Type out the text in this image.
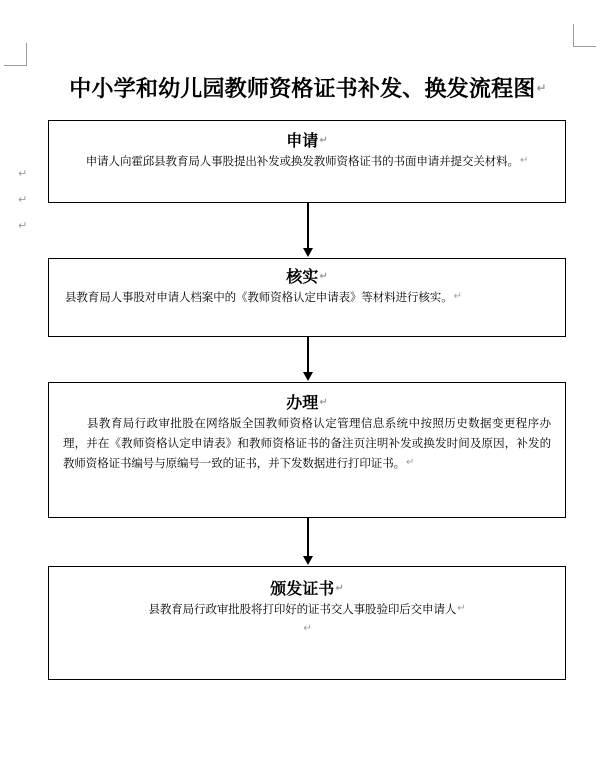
↵
↵
↵
中小学和幼儿园教师资格证书补发、换发流程图↵
申请↵
申请人向霍邱县教育局人事股提出补发或换发教师资格证书的书面申请并提交关材料。↵
核实↵
县教育局人事股对申请人档案中的《教师资格认定申请表》等材料进行核实。↵
办理↵
县教育局行政审批股在网络版全国教师资格认定管理信息系统中按照历史数据变更程序办理，并在《教师资格认定申请表》和教师资格证书的备注页注明补发或换发时间及原因，补发的教师资格证书编号与原编号一致的证书，并下发数据进行打印证书。↵
颁发证书↵
县教育局行政审批股将打印好的证书交人事股验印后交申请人↵
↵
